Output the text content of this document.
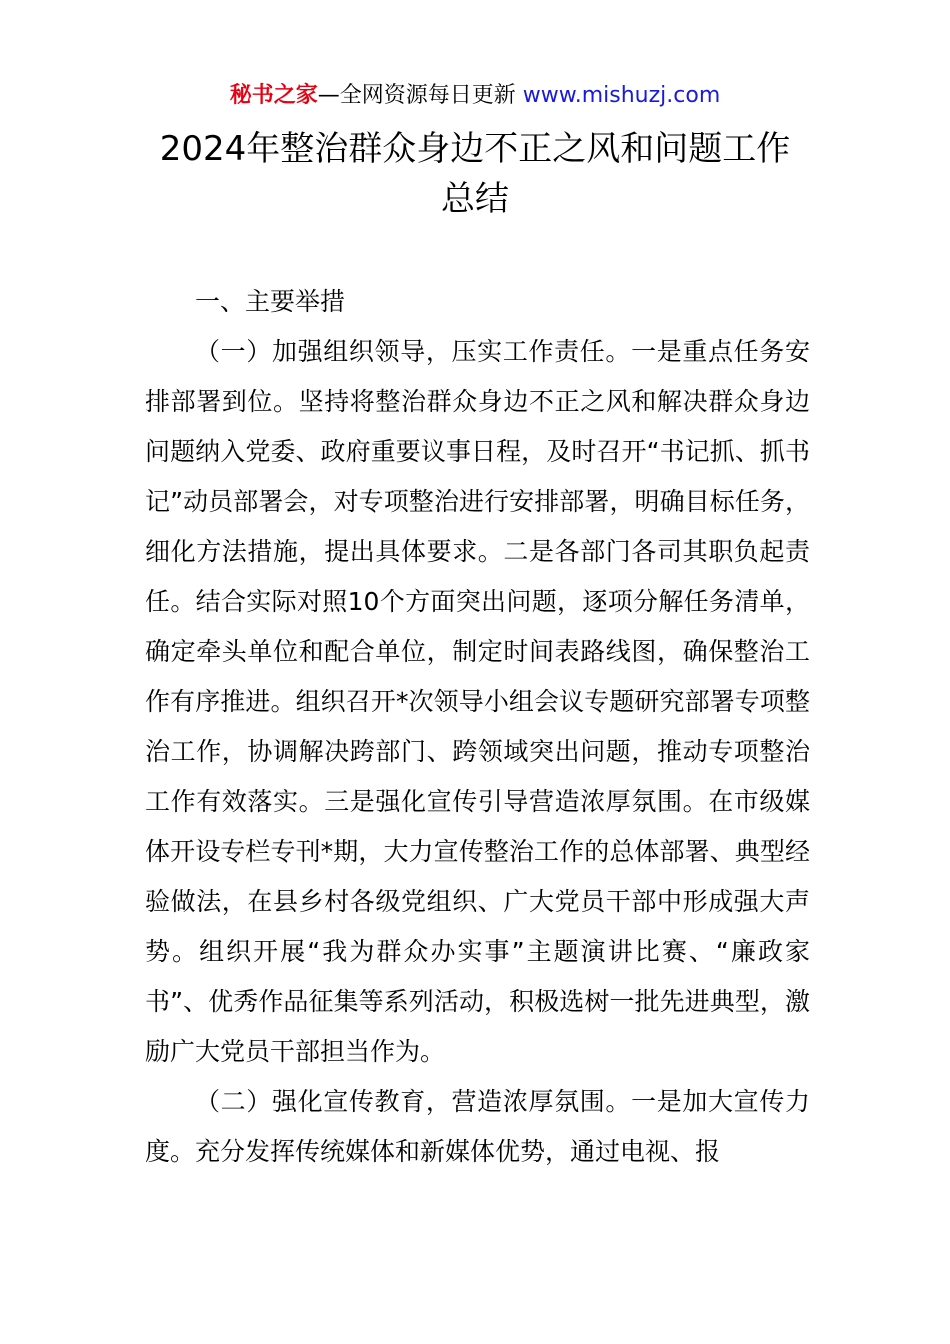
秘书之家—全网资源每日更新 www.mishuzj.com
2024年整治群众身边不正之风和问题工作
总结

一、主要举措

（一）加强组织领导，压实工作责任。一是重点任务安排部署到位。坚持将整治群众身边不正之风和解决群众身边问题纳入党委、政府重要议事日程，及时召开“书记抓、抓书记”动员部署会，对专项整治进行安排部署，明确目标任务，细化方法措施，提出具体要求。二是各部门各司其职负起责任。结合实际对照10个方面突出问题，逐项分解任务清单，确定牵头单位和配合单位，制定时间表路线图，确保整治工作有序推进。组织召开*次领导小组会议专题研究部署专项整治工作，协调解决跨部门、跨领域突出问题，推动专项整治工作有效落实。三是强化宣传引导营造浓厚氛围。在市级媒体开设专栏专刊*期，大力宣传整治工作的总体部署、典型经验做法，在县乡村各级党组织、广大党员干部中形成强大声势。组织开展“我为群众办实事”主题演讲比赛、“廉政家书”、优秀作品征集等系列活动，积极选树一批先进典型，激励广大党员干部担当作为。

（二）强化宣传教育，营造浓厚氛围。一是加大宣传力度。充分发挥传统媒体和新媒体优势，通过电视、报
